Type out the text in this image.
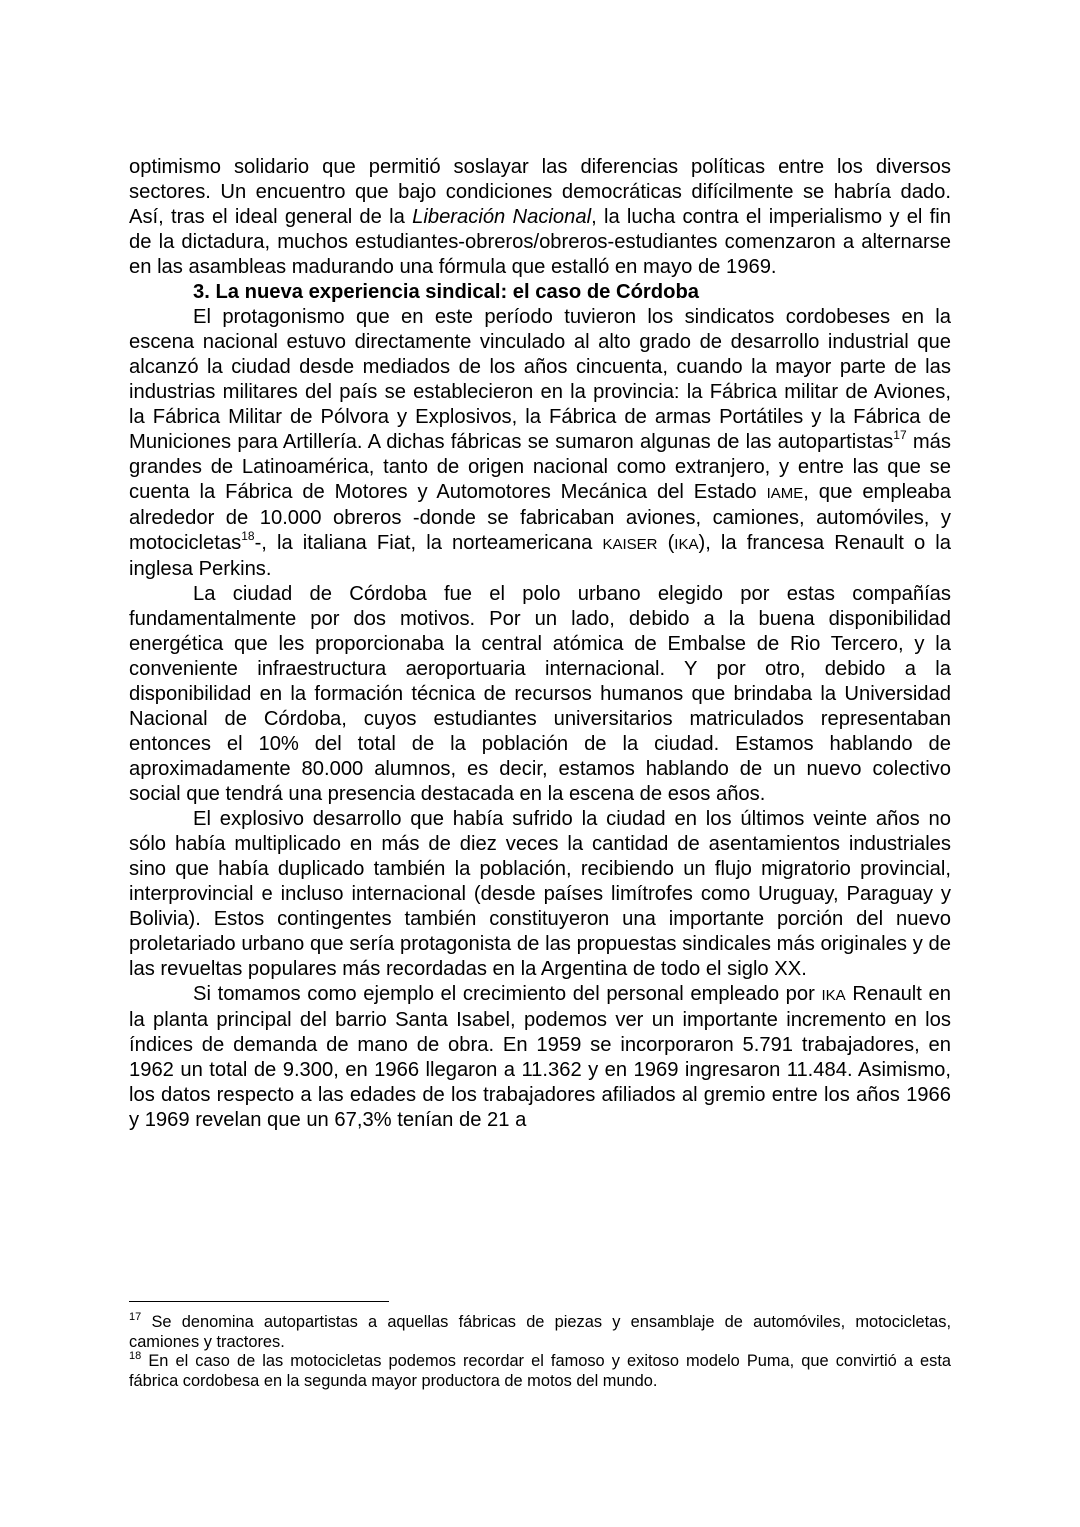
optimismo solidario que permitió soslayar las diferencias políticas entre los diversos sectores. Un encuentro que bajo condiciones democráticas difícilmente se habría dado. Así, tras el ideal general de la Liberación Nacional, la lucha contra el imperialismo y el fin de la dictadura, muchos estudiantes-obreros/obreros-estudiantes comenzaron a alternarse en las asambleas madurando una fórmula que estalló en mayo de 1969.

3. La nueva experiencia sindical: el caso de Córdoba

El protagonismo que en este período tuvieron los sindicatos cordobeses en la escena nacional estuvo directamente vinculado al alto grado de desarrollo industrial que alcanzó la ciudad desde mediados de los años cincuenta, cuando la mayor parte de las industrias militares del país se establecieron en la provincia: la Fábrica militar de Aviones, la Fábrica Militar de Pólvora y Explosivos, la Fábrica de armas Portátiles y la Fábrica de Municiones para Artillería. A dichas fábricas se sumaron algunas de las autopartistas$^{17}$ más grandes de Latinoamérica, tanto de origen nacional como extranjero, y entre las que se cuenta la Fábrica de Motores y Automotores Mecánica del Estado IAME, que empleaba alrededor de 10.000 obreros -donde se fabricaban aviones, camiones, automóviles, y motocicletas$^{18}$-, la italiana Fiat, la norteamericana KAISER (IKA), la francesa Renault o la inglesa Perkins.

La ciudad de Córdoba fue el polo urbano elegido por estas compañías fundamentalmente por dos motivos. Por un lado, debido a la buena disponibilidad energética que les proporcionaba la central atómica de Embalse de Rio Tercero, y la conveniente infraestructura aeroportuaria internacional. Y por otro, debido a la disponibilidad en la formación técnica de recursos humanos que brindaba la Universidad Nacional de Córdoba, cuyos estudiantes universitarios matriculados representaban entonces el 10% del total de la población de la ciudad. Estamos hablando de aproximadamente 80.000 alumnos, es decir, estamos hablando de un nuevo colectivo social que tendrá una presencia destacada en la escena de esos años.

El explosivo desarrollo que había sufrido la ciudad en los últimos veinte años no sólo había multiplicado en más de diez veces la cantidad de asentamientos industriales sino que había duplicado también la población, recibiendo un flujo migratorio provincial, interprovincial e incluso internacional (desde países limítrofes como Uruguay, Paraguay y Bolivia). Estos contingentes también constituyeron una importante porción del nuevo proletariado urbano que sería protagonista de las propuestas sindicales más originales y de las revueltas populares más recordadas en la Argentina de todo el siglo XX.

Si tomamos como ejemplo el crecimiento del personal empleado por IKA Renault en la planta principal del barrio Santa Isabel, podemos ver un importante incremento en los índices de demanda de mano de obra. En 1959 se incorporaron 5.791 trabajadores, en 1962 un total de 9.300, en 1966 llegaron a 11.362 y en 1969 ingresaron 11.484. Asimismo, los datos respecto a las edades de los trabajadores afiliados al gremio entre los años 1966 y 1969 revelan que un 67,3% tenían de 21 a

$^{17}$ Se denomina autopartistas a aquellas fábricas de piezas y ensamblaje de automóviles, motocicletas, camiones y tractores.

$^{18}$ En el caso de las motocicletas podemos recordar el famoso y exitoso modelo Puma, que convirtió a esta fábrica cordobesa en la segunda mayor productora de motos del mundo.
